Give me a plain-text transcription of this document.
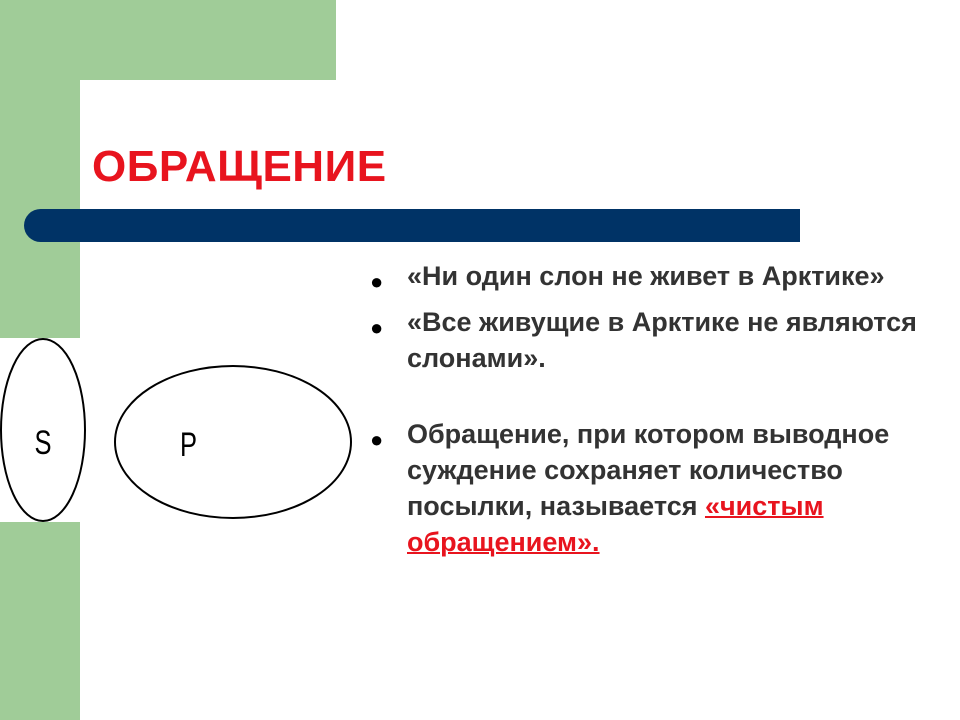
ОБРАЩЕНИЕ
S	P
● «Ни один слон не живет в Арктике»
● «Все живущие в Арктике не являются слонами».
● Обращение, при котором выводное суждение сохраняет количество посылки, называется «чистым обращением».
